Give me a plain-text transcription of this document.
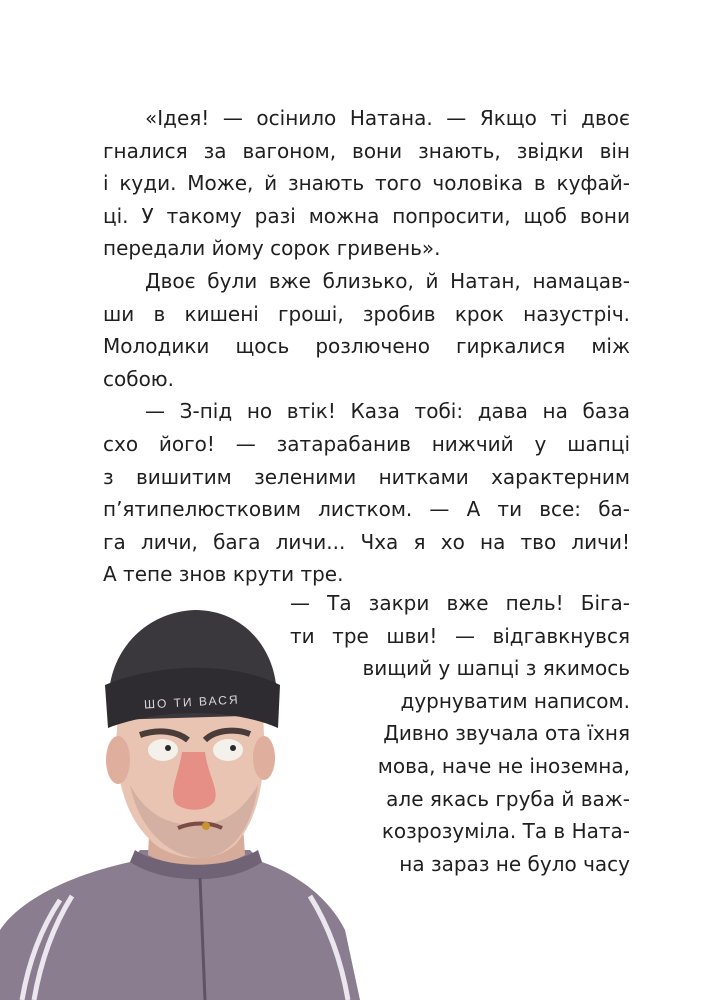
«Ідея! — осінило Натана. — Якщо ті двоє
гналися за вагоном, вони знають, звідки він
і куди. Може, й знають того чоловіка в куфай-
ці. У такому разі можна попросити, щоб вони
передали йому сорок гривень».
Двоє були вже близько, й Натан, намацав-
ши в кишені гроші, зробив крок назустріч.
Молодики щось розлючено гиркалися між
собою.
— З-під но втік! Каза тобі: дава на база
схо його! — затарабанив нижчий у шапці
з вишитим зеленими нитками характерним
п’ятипелюстковим листком. — А ти все: ба-
га личи, бага личи... Чха я хо на тво личи!
А тепе знов крути тре.
— Та закри вже пель! Біга-
ти тре шви! — відгавкнувся
вищий у шапці з якимось
дурнуватим написом.
Дивно звучала ота їхня
мова, наче не іноземна,
але якась груба й важ-
козрозуміла. Та в Ната-
на зараз не було часу
ШО ТИ ВАСЯ
